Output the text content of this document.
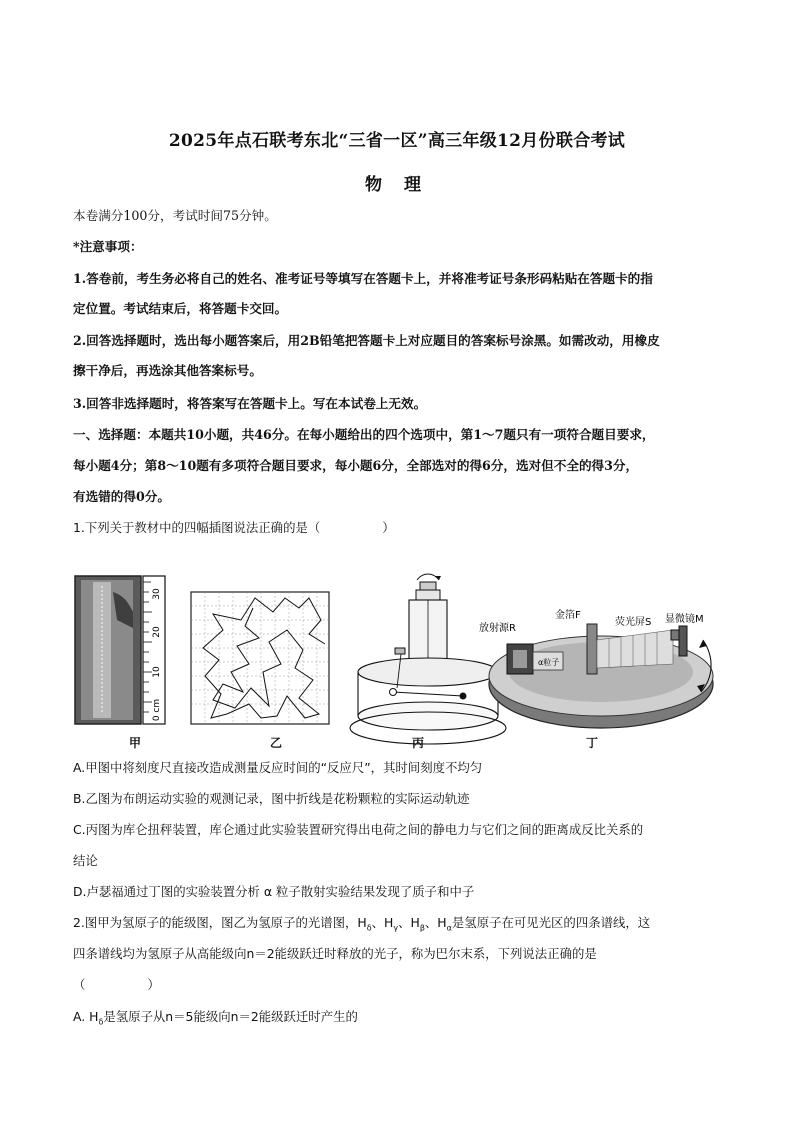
2025年点石联考东北“三省一区”高三年级12月份联合考试
物 理
本卷满分100分，考试时间75分钟。
*注意事项：
1.答卷前，考生务必将自己的姓名、准考证号等填写在答题卡上，并将准考证号条形码粘贴在答题卡的指
定位置。考试结束后，将答题卡交回。
2.回答选择题时，选出每小题答案后，用2B铅笔把答题卡上对应题目的答案标号涂黑。如需改动，用橡皮
擦干净后，再选涂其他答案标号。
3.回答非选择题时，将答案写在答题卡上。写在本试卷上无效。
一、选择题：本题共10小题，共46分。在每小题给出的四个选项中，第1～7题只有一项符合题目要求，
每小题4分；第8～10题有多项符合题目要求，每小题6分，全部选对的得6分，选对但不全的得3分，
有选错的得0分。
1.下列关于教材中的四幅插图说法正确的是（　　　　　）
30
20
10
0 cm
放射源R
金箔F
荧光屏S 显微镜M
α粒子
甲	乙	丙	丁
A.甲图中将刻度尺直接改造成测量反应时间的“反应尺”，其时间刻度不均匀
B.乙图为布朗运动实验的观测记录，图中折线是花粉颗粒的实际运动轨迹
C.丙图为库仑扭秤装置，库仑通过此实验装置研究得出电荷之间的静电力与它们之间的距离成反比关系的
结论
D.卢瑟福通过丁图的实验装置分析 α 粒子散射实验结果发现了质子和中子
2.图甲为氢原子的能级图，图乙为氢原子的光谱图，$H_\delta$、$H_\gamma$、$H_\beta$、$H_\alpha$是氢原子在可见光区的四条谱线，这
四条谱线均为氢原子从高能级向n＝2能级跃迁时释放的光子，称为巴尔末系，下列说法正确的是
（　　　　　）
A. $H_\delta$是氢原子从n＝5能级向n＝2能级跃迁时产生的
